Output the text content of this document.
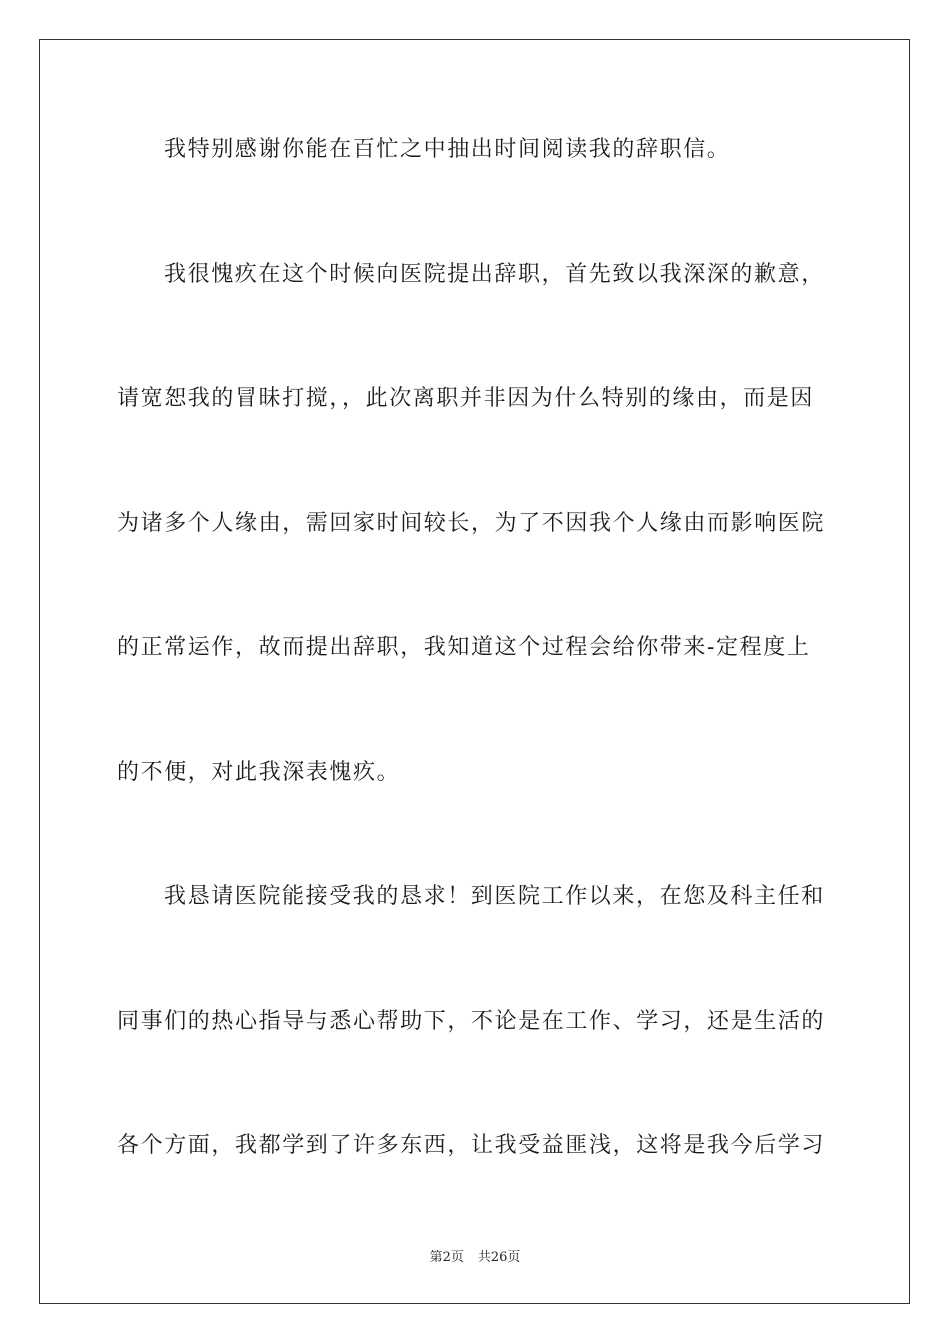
我特别感谢你能在百忙之中抽出时间阅读我的辞职信。
我很愧疚在这个时候向医院提出辞职，首先致以我深深的歉意，
请宽恕我的冒昧打搅，，此次离职并非因为什么特别的缘由，而是因
为诸多个人缘由，需回家时间较长，为了不因我个人缘由而影响医院
的正常运作，故而提出辞职，我知道这个过程会给你带来-定程度上
的不便，对此我深表愧疚。
我恳请医院能接受我的恳求！到医院工作以来，在您及科主任和
同事们的热心指导与悉心帮助下，不论是在工作、学习，还是生活的
各个方面，我都学到了许多东西，让我受益匪浅，这将是我今后学习
第2页 共26页
